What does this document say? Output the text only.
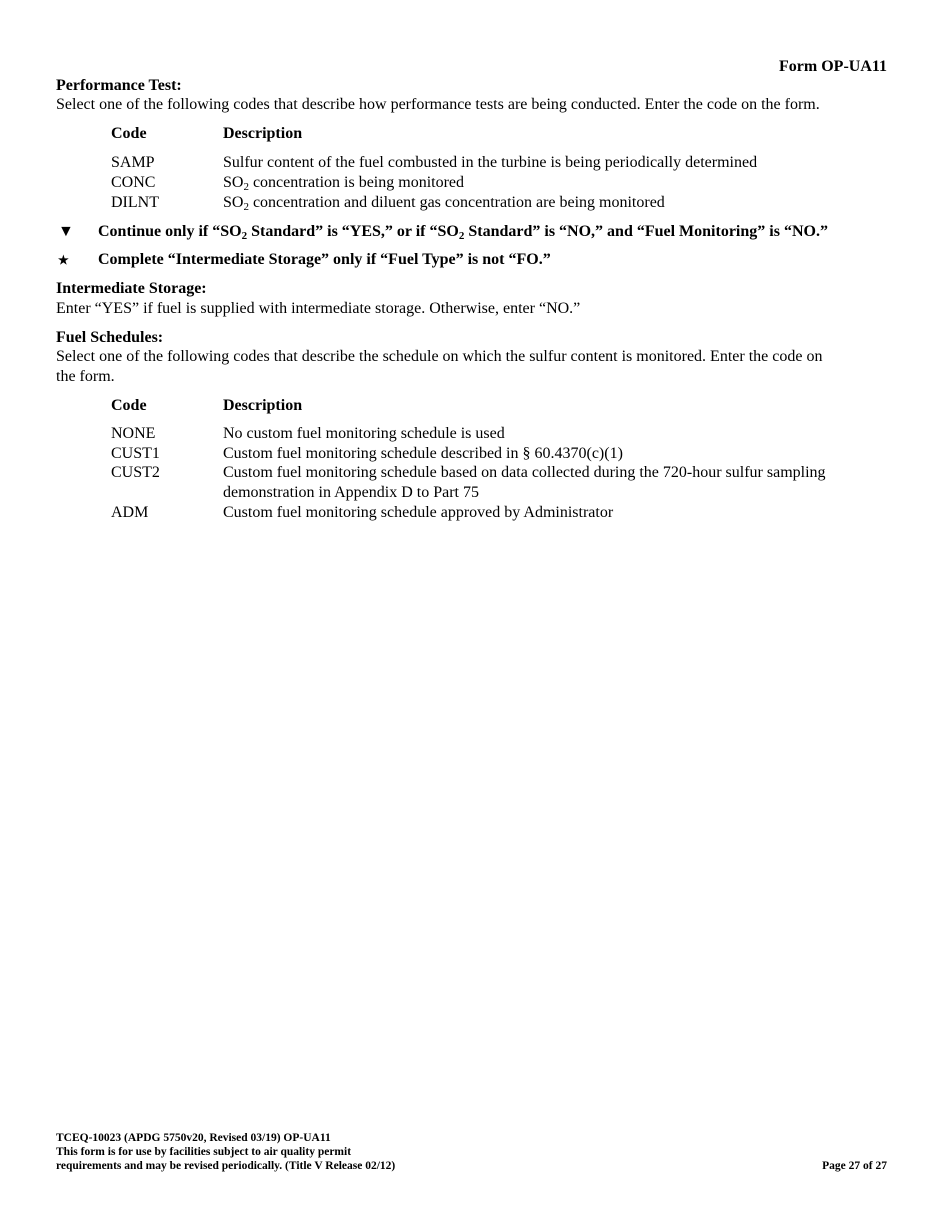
Form OP-UA11
Performance Test:
Select one of the following codes that describe how performance tests are being conducted. Enter the code on the form.
Code	Description
SAMP	Sulfur content of the fuel combusted in the turbine is being periodically determined
CONC	$SO_2$ concentration is being monitored
DILNT	$SO_2$ concentration and diluent gas concentration are being monitored
▼ Continue only if “$SO_2$ Standard” is “YES,” or if “$SO_2$ Standard” is “NO,” and “Fuel Monitoring” is “NO.”
★ Complete “Intermediate Storage” only if “Fuel Type” is not “FO.”
Intermediate Storage:
Enter “YES” if fuel is supplied with intermediate storage. Otherwise, enter “NO.”
Fuel Schedules:
Select one of the following codes that describe the schedule on which the sulfur content is monitored. Enter the code on
the form.
Code	Description
NONE	No custom fuel monitoring schedule is used
CUST1	Custom fuel monitoring schedule described in § 60.4370(c)(1)
CUST2	Custom fuel monitoring schedule based on data collected during the 720-hour sulfur sampling
demonstration in Appendix D to Part 75
ADM	Custom fuel monitoring schedule approved by Administrator
TCEQ-10023 (APDG 5750v20, Revised 03/19) OP-UA11
This form is for use by facilities subject to air quality permit
requirements and may be revised periodically. (Title V Release 02/12)	Page 27 of 27
